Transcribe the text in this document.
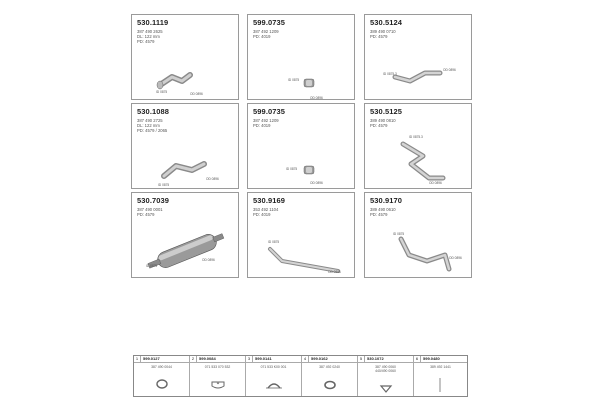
530.1119
387 490 2625
DL: 122 mm
PD: 4579
ID 0875	OD 0896
599.0735
387 492 1209
PD: 4019
ID 0875
OD 0896
530.5124
389 490 0710
PD: 4579
ID 0875.3
OD 0896
530.1088
387 490 2725
DL: 122 mm
PD: 4579 / 2065
ID 0875
OD 0896
599.0735
387 492 1209
PD: 4019
ID 0875
OD 0896
530.5125
389 490 0810
PD: 4579
ID 0875.3
OD 0896
530.7039
387 490 0001
PD: 4579
ID 0875
OD 0896
530.9169
353 492 1104
PD: 4019
ID 0875
OD 0896
530.9170
389 490 0610
PD: 4579
ID 0875
OD 0896
1	599.0127
387 490 0044
2	599.0084
071 533 070 532
3	599.0141
071 533 K00 001
4	599.0162
387 492 0240
5	530.1072
387 490 0060
440/490 0060
6	599.0480
389 492 1441
